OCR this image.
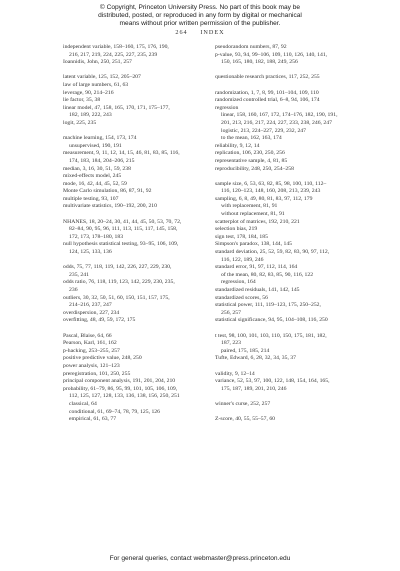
© Copyright, Princeton University Press. No part of this book may be
distributed, posted, or reproduced in any form by digital or mechanical
means without prior written permission of the publisher.
264 INDEX
independent variable, 158–160, 175, 176, 190,
216, 217, 219, 224, 225, 227, 235, 239
Ioannidis, John, 250, 251, 257
latent variable, 125, 152, 205–207
law of large numbers, 61, 63
leverage, 90, 214–216
lie factor, 35, 38
linear model, 47, 158, 165, 170, 171, 175–177,
182, 189, 222, 243
logit, 225, 235
machine learning, 154, 173, 174
unsupervised, 190, 191
measurement, 9, 11, 12, 14, 15, 46, 81, 83, 85, 116,
174, 183, 184, 204–206, 215
median, 3, 16, 30, 51, 59, 238
mixed-effects model, 245
mode, 16, 42, 44, 45, 52, 59
Monte Carlo simulation, 86, 87, 91, 92
multiple testing, 93, 107
multivariate statistics, 190–192, 200, 210
NHANES, 18, 20–24, 30, 41, 44, 45, 50, 53, 70, 72,
82–84, 90, 95, 96, 111, 113, 115, 117, 145, 158,
172, 173, 178–180, 183
null hypothesis statistical testing, 93–95, 106, 109,
124, 125, 133, 136
odds, 75, 77, 118, 119, 142, 226, 227, 229, 230,
235, 241
odds ratio, 76, 118, 119, 123, 142, 229, 230, 235,
236
outliers, 30, 32, 50, 51, 60, 150, 151, 157, 175,
214–216, 237, 247
overdispersion, 227, 234
overfitting, 48, 49, 59, 172, 175
Pascal, Blaise, 64, 66
Pearson, Karl, 161, 162
p-hacking, 253–255, 257
positive predictive value, 248, 250
power analysis, 121–123
preregistration, 101, 250, 255
principal component analysis, 191, 201, 204, 210
probability, 61–79, 86, 95, 99, 101, 105, 106, 109,
112, 125, 127, 128, 133, 136, 138, 156, 250, 251
classical, 64
conditional, 61, 69–74, 78, 79, 125, 126
empirical, 61, 63, 77
pseudorandom numbers, 87, 92
p-value, 93, 94, 99–106, 109, 110, 126, 140, 141,
150, 165, 180, 182, 188, 249, 256
questionable research practices, 117, 252, 255
randomization, 1, 7, 8, 99, 101–104, 109, 110
randomized controlled trial, 6–8, 94, 106, 174
regression
linear, 158, 160, 167, 172, 174–176, 182, 190, 191,
201, 213, 216, 217, 224, 227, 233, 238, 246, 247
logistic, 213, 224–227, 229, 232, 247
to the mean, 162, 163, 174
reliability, 9, 12, 14
replication, 106, 230, 250, 256
representative sample, 4, 81, 85
reproducibility, 248, 250, 254–258
sample size, 6, 53, 63, 82, 85, 98, 100, 110, 112–
116, 120–123, 148, 160, 208, 213, 239, 243
sampling, 6, 8, 49, 80, 81, 83, 97, 112, 179
with replacement, 81, 91
without replacement, 81, 91
scatterplot of matrices, 192, 210, 221
selection bias, 219
sign test, 178, 184, 185
Simpson's paradox, 138, 144, 145
standard deviation, 25, 52, 59, 82, 83, 90, 97, 112,
116, 122, 189, 246
standard error, 91, 97, 112, 114, 164
of the mean, 80, 82, 83, 85, 90, 116, 122
regression, 164
standardized residuals, 141, 142, 145
standardized scores, 56
statistical power, 111, 119–123, 175, 250–252,
256, 257
statistical significance, 94, 95, 104–108, 116, 250
t test, 98, 100, 101, 103, 110, 150, 175, 181, 182,
187, 223
paired, 175, 185, 214
Tufte, Edward, 6, 28, 32, 34, 35, 37
validity, 9, 12–14
variance, 52, 53, 97, 100, 122, 148, 154, 164, 165,
175, 187, 189, 201, 210, 246
winner's curse, 252, 257
Z-score, 40, 55, 55–57, 60
For general queries, contact webmaster@press.princeton.edu
